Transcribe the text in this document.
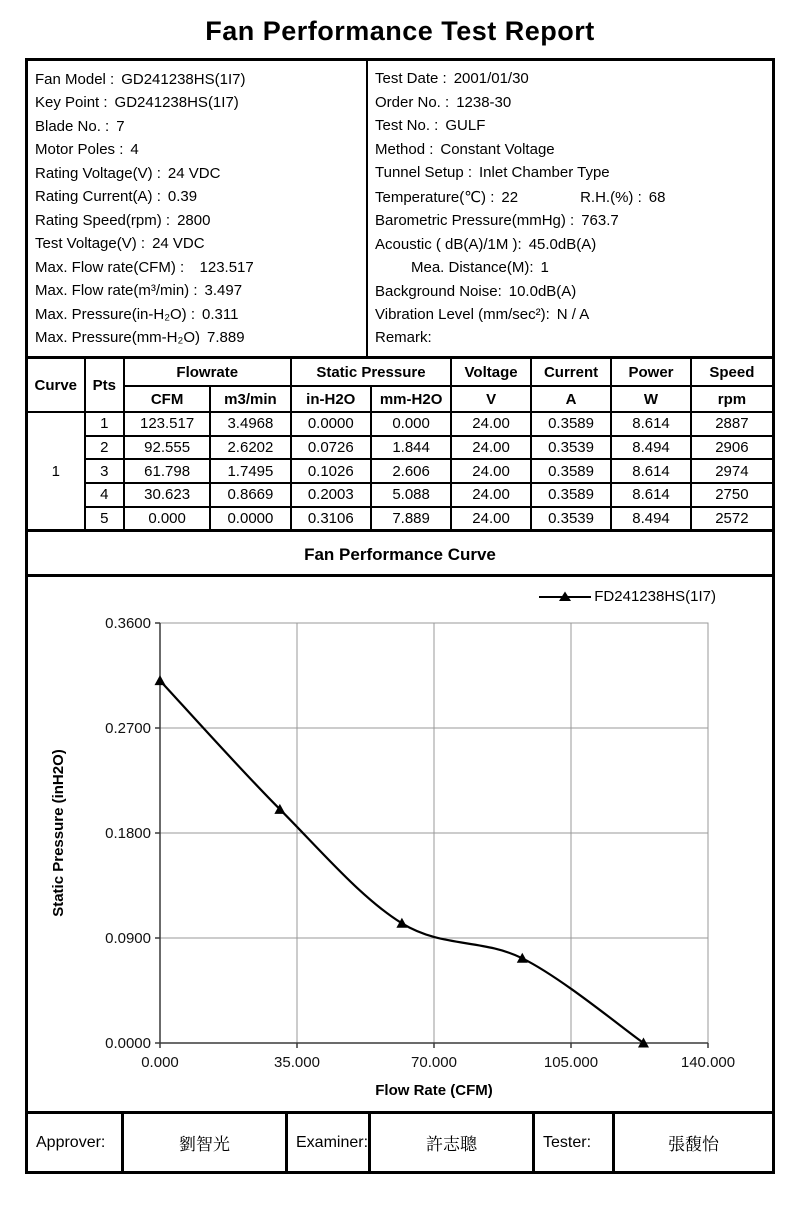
Fan Performance Test Report
Fan Model : GD241238HS(1I7)
Key Point : GD241238HS(1I7)
Blade No. : 7
Motor Poles : 4
Rating Voltage(V) : 24 VDC
Rating Current(A) : 0.39
Rating Speed(rpm) : 2800
Test Voltage(V) : 24 VDC
Max. Flow rate(CFM) : 123.517
Max. Flow rate(m³/min) : 3.497
Max. Pressure(in-H₂O) : 0.311
Max. Pressure(mm-H₂O) 7.889
Test Date : 2001/01/30
Order No. : 1238-30
Test No. : GULF
Method : Constant Voltage
Tunnel Setup : Inlet Chamber Type
Temperature(℃) : 22	R.H.(%) : 68
Barometric Pressure(mmHg) : 763.7
Acoustic ( dB(A)/1M ): 45.0dB(A)
Mea. Distance(M): 1
Background Noise: 10.0dB(A)
Vibration Level (mm/sec²): N / A
Remark:
Curve	Pts	Flowrate		Static Pressure		Voltage	Current	Power	Speed
		CFM	m3/min	in-H2O	mm-H2O	V	A	W	rpm
1	1	123.517	3.4968	0.0000	0.000	24.00	0.3589	8.614	2887
	2	92.555	2.6202	0.0726	1.844	24.00	0.3539	8.494	2906
	3	61.798	1.7495	0.1026	2.606	24.00	0.3589	8.614	2974
	4	30.623	0.8669	0.2003	5.088	24.00	0.3589	8.614	2750
	5	0.000	0.0000	0.3106	7.889	24.00	0.3539	8.494	2572
Fan Performance Curve
0.000	35.000	70.000	105.000	140.000
0.0000
0.0900
0.1800
0.2700
0.3600
Flow Rate (CFM)
Static Pressure (inH2O)
FD241238HS(1I7)
Approver:	劉智光	Examiner:	許志聰	Tester:	張馥怡
